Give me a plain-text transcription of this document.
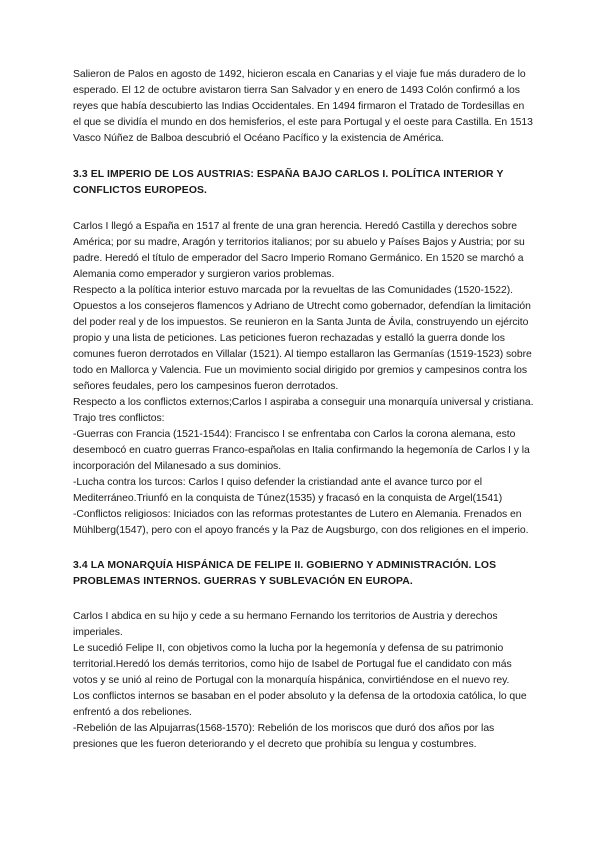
Salieron de Palos en agosto de 1492, hicieron escala en Canarias y el viaje fue más duradero de lo esperado. El 12 de octubre avistaron tierra San Salvador y en enero de 1493 Colón confirmó a los reyes que había descubierto las Indias Occidentales. En 1494 firmaron el Tratado de Tordesillas en el que se dividía el mundo en dos hemisferios, el este para Portugal y el oeste para Castilla. En 1513 Vasco Núñez de Balboa descubrió el Océano Pacífico y la existencia de América.

3.3 EL IMPERIO DE LOS AUSTRIAS: ESPAÑA BAJO CARLOS I. POLÍTICA INTERIOR Y CONFLICTOS EUROPEOS.

Carlos I llegó a España en 1517 al frente de una gran herencia. Heredó Castilla y derechos sobre América; por su madre, Aragón y territorios italianos; por su abuelo y Países Bajos y Austria; por su padre. Heredó el título de emperador del Sacro Imperio Romano Germánico. En 1520 se marchó a Alemania como emperador y surgieron varios problemas.

Respecto a la política interior estuvo marcada por la revueltas de las Comunidades (1520-1522). Opuestos a los consejeros flamencos y Adriano de Utrecht como gobernador, defendían la limitación del poder real y de los impuestos. Se reunieron en la Santa Junta de Ávila, construyendo un ejército propio y una lista de peticiones. Las peticiones fueron rechazadas y estalló la guerra donde los comunes fueron derrotados en Villalar (1521). Al tiempo estallaron las Germanías (1519-1523) sobre todo en Mallorca y Valencia. Fue un movimiento social dirigido por gremios y campesinos contra los señores feudales, pero los campesinos fueron derrotados.

Respecto a los conflictos externos;Carlos I aspiraba a conseguir una monarquía universal y cristiana. Trajo tres conflictos:

-Guerras con Francia (1521-1544): Francisco I se enfrentaba con Carlos la corona alemana, esto desembocó en cuatro guerras Franco-españolas en Italia confirmando la hegemonía de Carlos I y la incorporación del Milanesado a sus dominios.

-Lucha contra los turcos: Carlos I quiso defender la cristiandad ante el avance turco por el Mediterráneo.Triunfó en la conquista de Túnez(1535) y fracasó en la conquista de Argel(1541)

-Conflictos religiosos: Iniciados con las reformas protestantes de Lutero en Alemania. Frenados en Mühlberg(1547), pero con el apoyo francés y la Paz de Augsburgo, con dos religiones en el imperio.

3.4 LA MONARQUÍA HISPÁNICA DE FELIPE II. GOBIERNO Y ADMINISTRACIÓN. LOS PROBLEMAS INTERNOS. GUERRAS Y SUBLEVACIÓN EN EUROPA.

Carlos I abdica en su hijo y cede a su hermano Fernando los territorios de Austria y derechos imperiales.

Le sucedió Felipe II, con objetivos como la lucha por la hegemonía y defensa de su patrimonio territorial.Heredó los demás territorios, como hijo de Isabel de Portugal fue el candidato con más votos y se unió al reino de Portugal con la monarquía hispánica, convirtiéndose en el nuevo rey.

Los conflictos internos se basaban en el poder absoluto y la defensa de la ortodoxia católica, lo que enfrentó a dos rebeliones.

-Rebelión de las Alpujarras(1568-1570): Rebelión de los moriscos que duró dos años por las presiones que les fueron deteriorando y el decreto que prohibía su lengua y costumbres.
